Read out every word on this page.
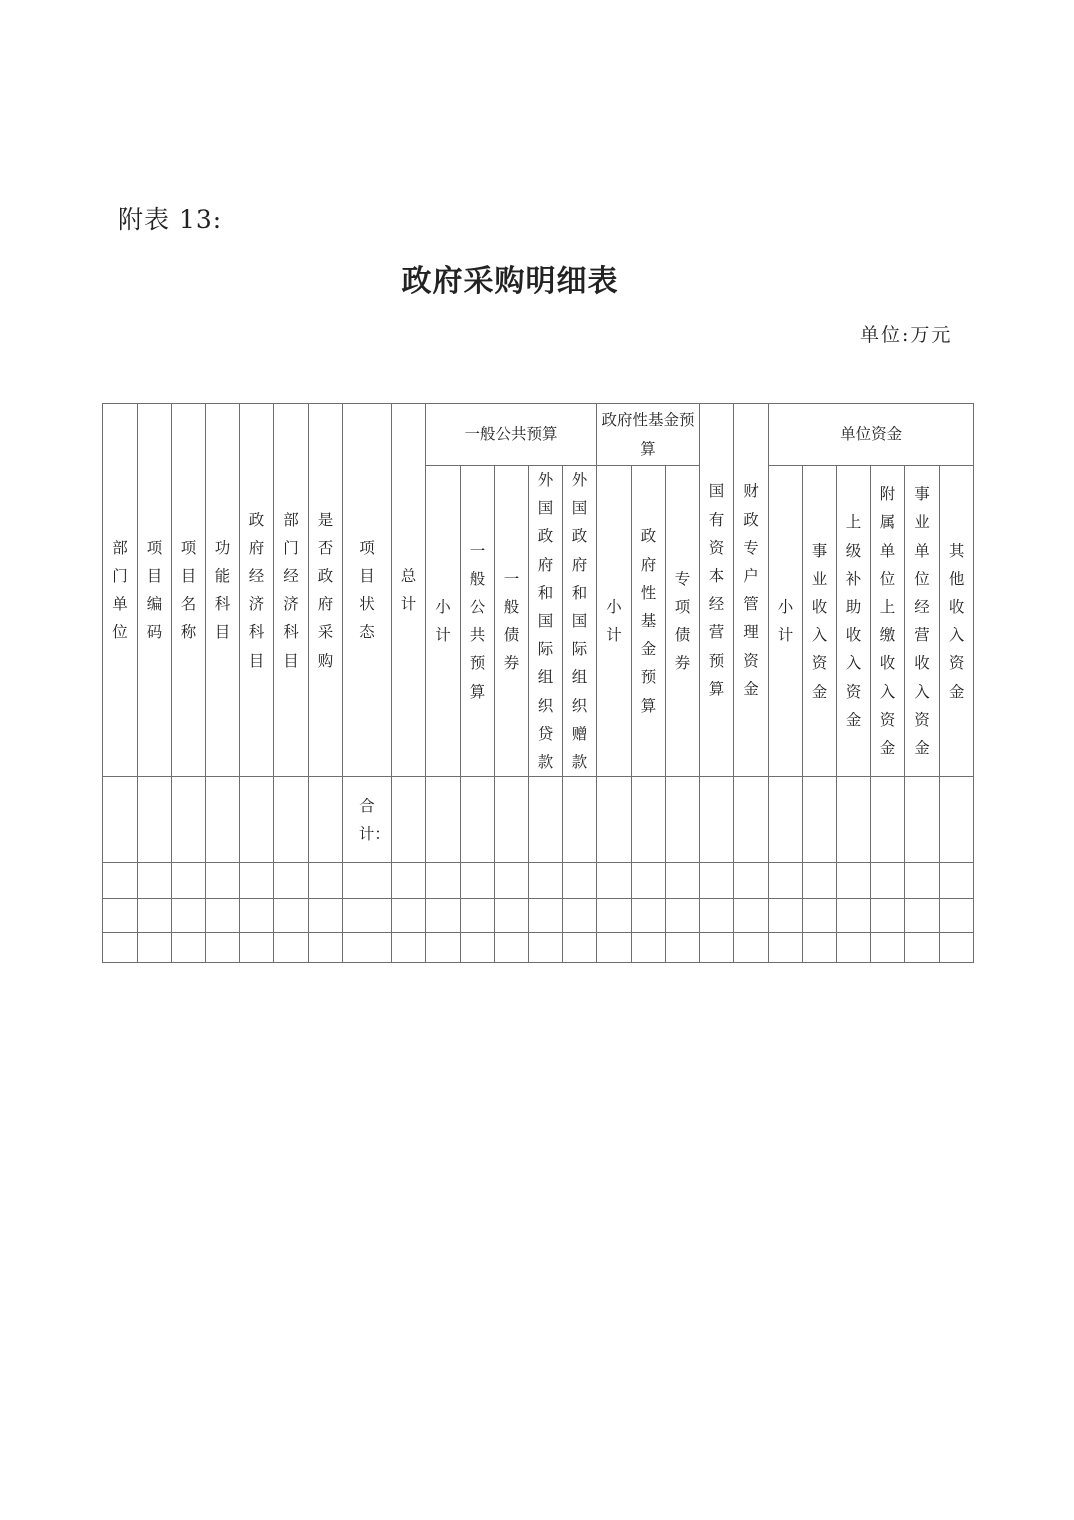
附表 13:
政府采购明细表
单位:万元
部门单位	项目编码	项目名称	功能科目	政府经济科目	部门经济科目	是否政府采购	项目状态	总计	一般公共预算					政府性基金预算			国有资本经营预算	财政专户管理资金	单位资金					
									小计	一般公共预算	一般债券	外国政府和国际组织贷款	外国政府和国际组织赠款	小计	政府性基金预算	专项债券			小计	事业收入资金	上级补助收入资金	附属单位上缴收入资金	事业单位经营收入资金	其他收入资金
							合计：																	
